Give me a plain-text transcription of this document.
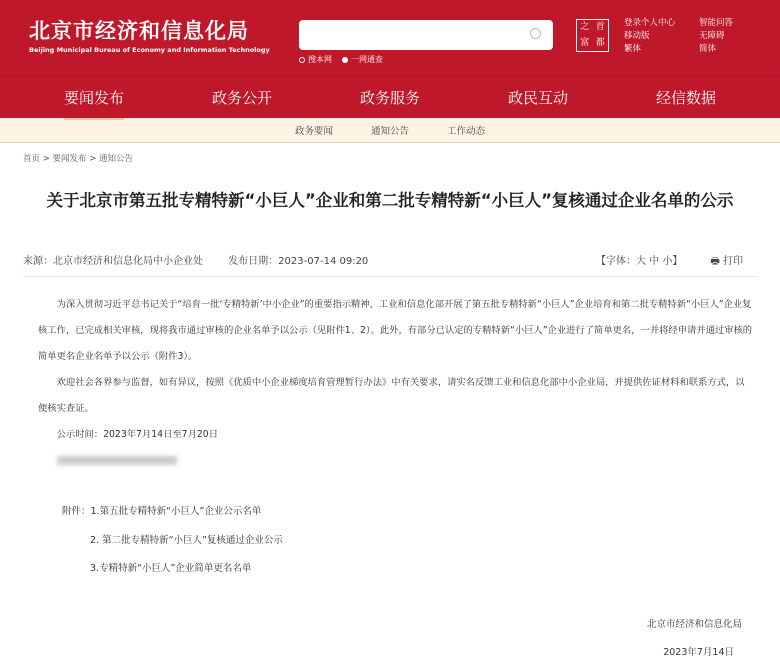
北京市经济和信息化局
Beijing Municipal Bureau of Economy and Information Technology
搜本网	一网通查
之 首
富 都
登录个人中心	智能问答
移动版	无障碍
繁体	简体
要闻发布	政务公开	政务服务	政民互动	经信数据
政务要闻	通知公告	工作动态
首页 > 要闻发布 > 通知公告
关于北京市第五批专精特新“小巨人”企业和第二批专精特新“小巨人”复核通过企业名单的公示
来源：北京市经济和信息化局中小企业处	发布日期：2023-07-14 09:20	【字体：大 中 小】	🖶 打印

为深入贯彻习近平总书记关于“培育一批‘专精特新’中小企业”的重要指示精神，工业和信息化部开展了第五批专精特新“小巨人”企业培育和第二批专精特新“小巨人”企业复核工作，已完成相关审核，现将我市通过审核的企业名单予以公示（见附件1、2）。此外，有部分已认定的专精特新“小巨人”企业进行了简单更名，一并将经申请并通过审核的简单更名企业名单予以公示（附件3）。

欢迎社会各界参与监督，如有异议，按照《优质中小企业梯度培育管理暂行办法》中有关要求，请实名反馈工业和信息化部中小企业局，并提供佐证材料和联系方式，以便核实查证。

公示时间：2023年7月14日至7月20日

附件：1.第五批专精特新“小巨人”企业公示名单
2. 第二批专精特新“小巨人”复核通过企业公示
3.专精特新“小巨人”企业简单更名名单
北京市经济和信息化局
2023年7月14日
